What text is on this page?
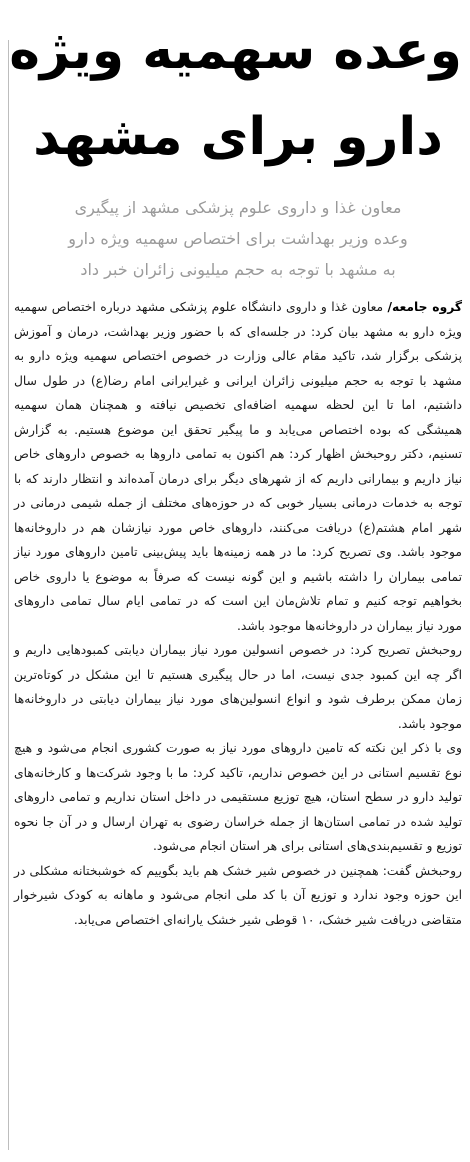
وعده سهمیه ویژه
دارو برای مشهد
معاون غذا و داروی علوم پزشکی مشهد از پیگیری
وعده وزیر بهداشت برای اختصاص سهمیه ویژه دارو
به مشهد با توجه به حجم میلیونی زائران خبر داد

گروه جامعه/ معاون غذا و داروی دانشگاه علوم پزشکی مشهد درباره اختصاص سهمیه ویژه دارو به مشهد بیان کرد: در جلسه‌ای که با حضور وزیر بهداشت، درمان و آموزش پزشکی برگزار شد، تاکید مقام عالی وزارت در خصوص اختصاص سهمیه ویژه دارو به مشهد با توجه به حجم میلیونی زائران ایرانی و غیرایرانی امام رضا(ع) در طول سال داشتیم، اما تا این لحظه سهمیه اضافه‌ای تخصیص نیافته و همچنان همان سهمیه همیشگی که بوده اختصاص می‌یابد و ما پیگیر تحقق این موضوع هستیم. به گزارش تسنیم، دکتر روحبخش اظهار کرد: هم اکنون به تمامی داروها به خصوص داروهای خاص نیاز داریم و بیمارانی داریم که از شهرهای دیگر برای درمان آمده‌اند و انتظار دارند که با توجه به خدمات درمانی بسیار خوبی که در حوزه‌های مختلف از جمله شیمی درمانی در شهر امام هشتم(ع) دریافت می‌کنند، داروهای خاص مورد نیازشان هم در داروخانه‌ها موجود باشد. وی تصریح کرد: ما در همه زمینه‌ها باید پیش‌بینی تامین داروهای مورد نیاز تمامی بیماران را داشته باشیم و این گونه نیست که صرفاً به موضوع یا داروی خاص بخواهیم توجه کنیم و تمام تلاش‌مان این است که در تمامی ایام سال تمامی داروهای مورد نیاز بیماران در داروخانه‌ها موجود باشد.

روحبخش تصریح کرد: در خصوص انسولین مورد نیاز بیماران دیابتی کمبودهایی داریم و اگر چه این کمبود جدی نیست، اما در حال پیگیری هستیم تا این مشکل در کوتاه‌ترین زمان ممکن برطرف شود و انواع انسولین‌های مورد نیاز بیماران دیابتی در داروخانه‌ها موجود باشد.

وی با ذکر این نکته که تامین داروهای مورد نیاز به صورت کشوری انجام می‌شود و هیچ نوع تقسیم استانی در این خصوص نداریم، تاکید کرد: ما با وجود شرکت‌ها و کارخانه‌های تولید دارو در سطح استان، هیچ توزیع مستقیمی در داخل استان نداریم و تمامی داروهای تولید شده در تمامی استان‌ها از جمله خراسان رضوی به تهران ارسال و در آن جا نحوه توزیع و تقسیم‌بندی‌های استانی برای هر استان انجام می‌شود.

روحبخش گفت: همچنین در خصوص شیر خشک هم باید بگوییم که خوشبختانه مشکلی در این حوزه وجود ندارد و توزیع آن با کد ملی انجام می‌شود و ماهانه به کودک شیرخوار متقاضی دریافت شیر خشک، ۱۰ قوطی شیر خشک یارانه‌ای اختصاص می‌یابد.
